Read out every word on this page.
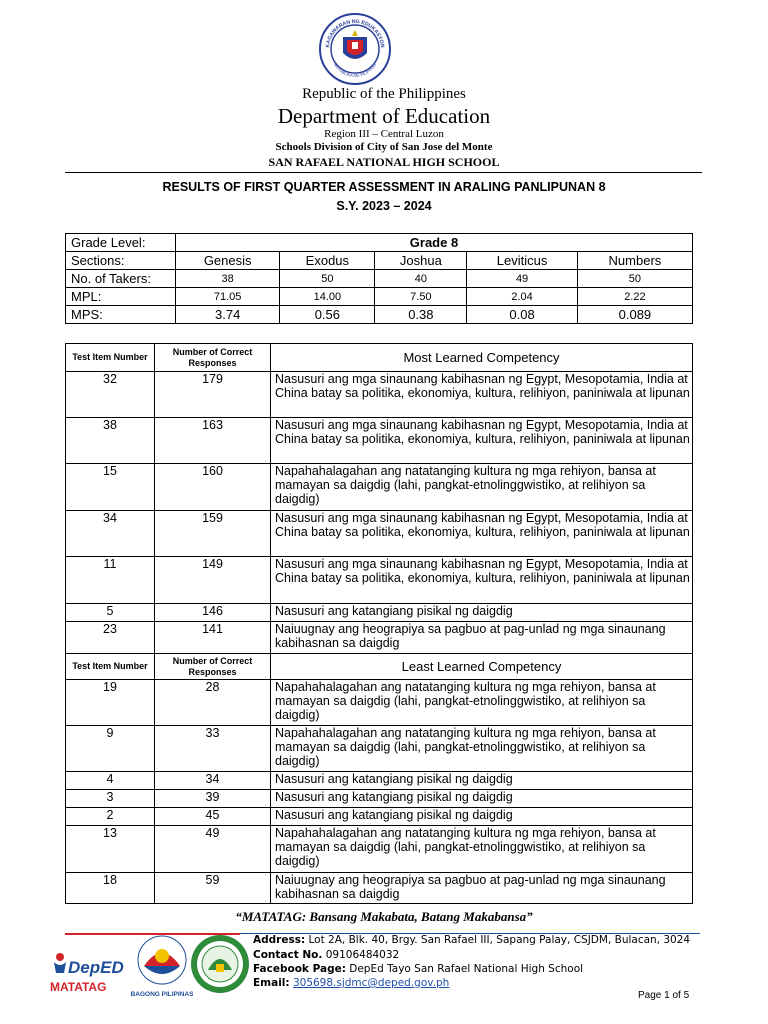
KAGAWARAN NG EDUKASYON
REPUBLIKA NG PILIPINAS
Republic of the Philippines
Department of Education
Region III – Central Luzon
Schools Division of City of San Jose del Monte
SAN RAFAEL NATIONAL HIGH SCHOOL
RESULTS OF FIRST QUARTER ASSESSMENT IN ARALING PANLIPUNAN 8
S.Y. 2023 – 2024
Grade Level:	Grade 8				
Sections:	Genesis	Exodus	Joshua	Leviticus	Numbers
No. of Takers:	38	50	40	49	50
MPL:	71.05	14.00	7.50	2.04	2.22
MPS:	3.74	0.56	0.38	0.08	0.089
Test Item Number	Number of Correct Responses	Most Learned Competency
32	179	Nasusuri ang mga sinaunang kabihasnan ng Egypt, Mesopotamia, India at China batay sa politika, ekonomiya, kultura, relihiyon, paniniwala at lipunan
38	163	Nasusuri ang mga sinaunang kabihasnan ng Egypt, Mesopotamia, India at China batay sa politika, ekonomiya, kultura, relihiyon, paniniwala at lipunan
15	160	Napahahalagahan ang natatanging kultura ng mga rehiyon, bansa at mamayan sa daigdig (lahi, pangkat-etnolinggwistiko, at relihiyon sa daigdig)
34	159	Nasusuri ang mga sinaunang kabihasnan ng Egypt, Mesopotamia, India at China batay sa politika, ekonomiya, kultura, relihiyon, paniniwala at lipunan
11	149	Nasusuri ang mga sinaunang kabihasnan ng Egypt, Mesopotamia, India at China batay sa politika, ekonomiya, kultura, relihiyon, paniniwala at lipunan
5	146	Nasusuri ang katangiang pisikal ng daigdig
23	141	Naiuugnay ang heograpiya sa pagbuo at pag-unlad ng mga sinaunang kabihasnan sa daigdig
Test Item Number	Number of Correct Responses	Least Learned Competency
19	28	Napahahalagahan ang natatanging kultura ng mga rehiyon, bansa at mamayan sa daigdig (lahi, pangkat-etnolinggwistiko, at relihiyon sa daigdig)
9	33	Napahahalagahan ang natatanging kultura ng mga rehiyon, bansa at mamayan sa daigdig (lahi, pangkat-etnolinggwistiko, at relihiyon sa daigdig)
4	34	Nasusuri ang katangiang pisikal ng daigdig
3	39	Nasusuri ang katangiang pisikal ng daigdig
2	45	Nasusuri ang katangiang pisikal ng daigdig
13	49	Napahahalagahan ang natatanging kultura ng mga rehiyon, bansa at mamayan sa daigdig (lahi, pangkat-etnolinggwistiko, at relihiyon sa daigdig)
18	59	Naiuugnay ang heograpiya sa pagbuo at pag-unlad ng mga sinaunang kabihasnan sa daigdig
“MATATAG: Bansang Makabata, Batang Makabansa”
DepED
MATATAG
BAGONG PILIPINAS
Address: Lot 2A, Blk. 40, Brgy. San Rafael III, Sapang Palay, CSJDM, Bulacan, 3024
Contact No. 09106484032
Facebook Page: DepEd Tayo San Rafael National High School
Email: 305698.sjdmc@deped.gov.ph
Page 1 of 5
